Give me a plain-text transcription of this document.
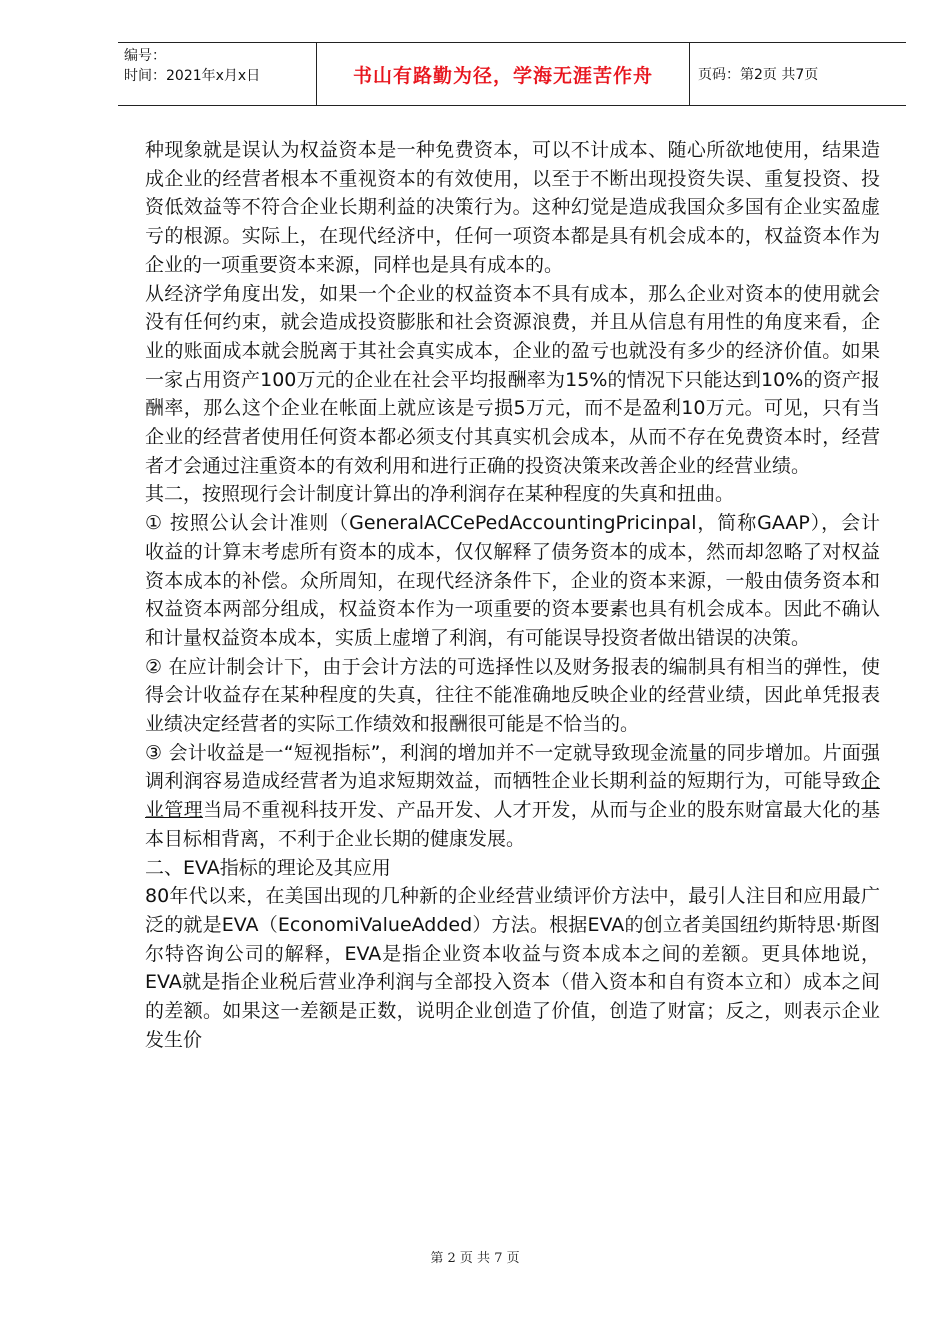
编号：
时间：2021年x月x日	书山有路勤为径，学海无涯苦作舟	页码：第2页 共7页

种现象就是误认为权益资本是一种免费资本，可以不计成本、随心所欲地使用，结果造成企业的经营者根本不重视资本的有效使用，以至于不断出现投资失误、重复投资、投资低效益等不符合企业长期利益的决策行为。这种幻觉是造成我国众多国有企业实盈虚亏的根源。实际上，在现代经济中，任何一项资本都是具有机会成本的，权益资本作为企业的一项重要资本来源，同样也是具有成本的。

从经济学角度出发，如果一个企业的权益资本不具有成本，那么企业对资本的使用就会没有任何约束，就会造成投资膨胀和社会资源浪费，并且从信息有用性的角度来看，企业的账面成本就会脱离于其社会真实成本，企业的盈亏也就没有多少的经济价值。如果一家占用资产100万元的企业在社会平均报酬率为15%的情况下只能达到10%的资产报酬率，那么这个企业在帐面上就应该是亏损5万元，而不是盈利10万元。可见，只有当企业的经营者使用任何资本都必须支付其真实机会成本，从而不存在免费资本时，经营者才会通过注重资本的有效利用和进行正确的投资决策来改善企业的经营业绩。

其二，按照现行会计制度计算出的净利润存在某种程度的失真和扭曲。

① 按照公认会计准则（GeneralACCePedAccountingPricinpal，简称GAAP），会计收益的计算末考虑所有资本的成本，仅仅解释了债务资本的成本，然而却忽略了对权益资本成本的补偿。众所周知，在现代经济条件下，企业的资本来源，一般由债务资本和权益资本两部分组成，权益资本作为一项重要的资本要素也具有机会成本。因此不确认和计量权益资本成本，实质上虚增了利润，有可能误导投资者做出错误的决策。

② 在应计制会计下，由于会计方法的可选择性以及财务报表的编制具有相当的弹性，使得会计收益存在某种程度的失真，往往不能准确地反映企业的经营业绩，因此单凭报表业绩决定经营者的实际工作绩效和报酬很可能是不恰当的。

③ 会计收益是一“短视指标”，利润的增加并不一定就导致现金流量的同步增加。片面强调利润容易造成经营者为追求短期效益，而牺牲企业长期利益的短期行为，可能导致企业管理当局不重视科技开发、产品开发、人才开发，从而与企业的股东财富最大化的基本目标相背离，不利于企业长期的健康发展。

二、EVA指标的理论及其应用

80年代以来，在美国出现的几种新的企业经营业绩评价方法中，最引人注目和应用最广泛的就是EVA（EconomiValueAdded）方法。根据EVA的创立者美国纽约斯特思·斯图尔特咨询公司的解释，EVA是指企业资本收益与资本成本之间的差额。更具体地说，EVA就是指企业税后营业净利润与全部投入资本（借入资本和自有资本立和）成本之间的差额。如果这一差额是正数，说明企业创造了价值，创造了财富；反之，则表示企业发生价

第 2 页 共 7 页
